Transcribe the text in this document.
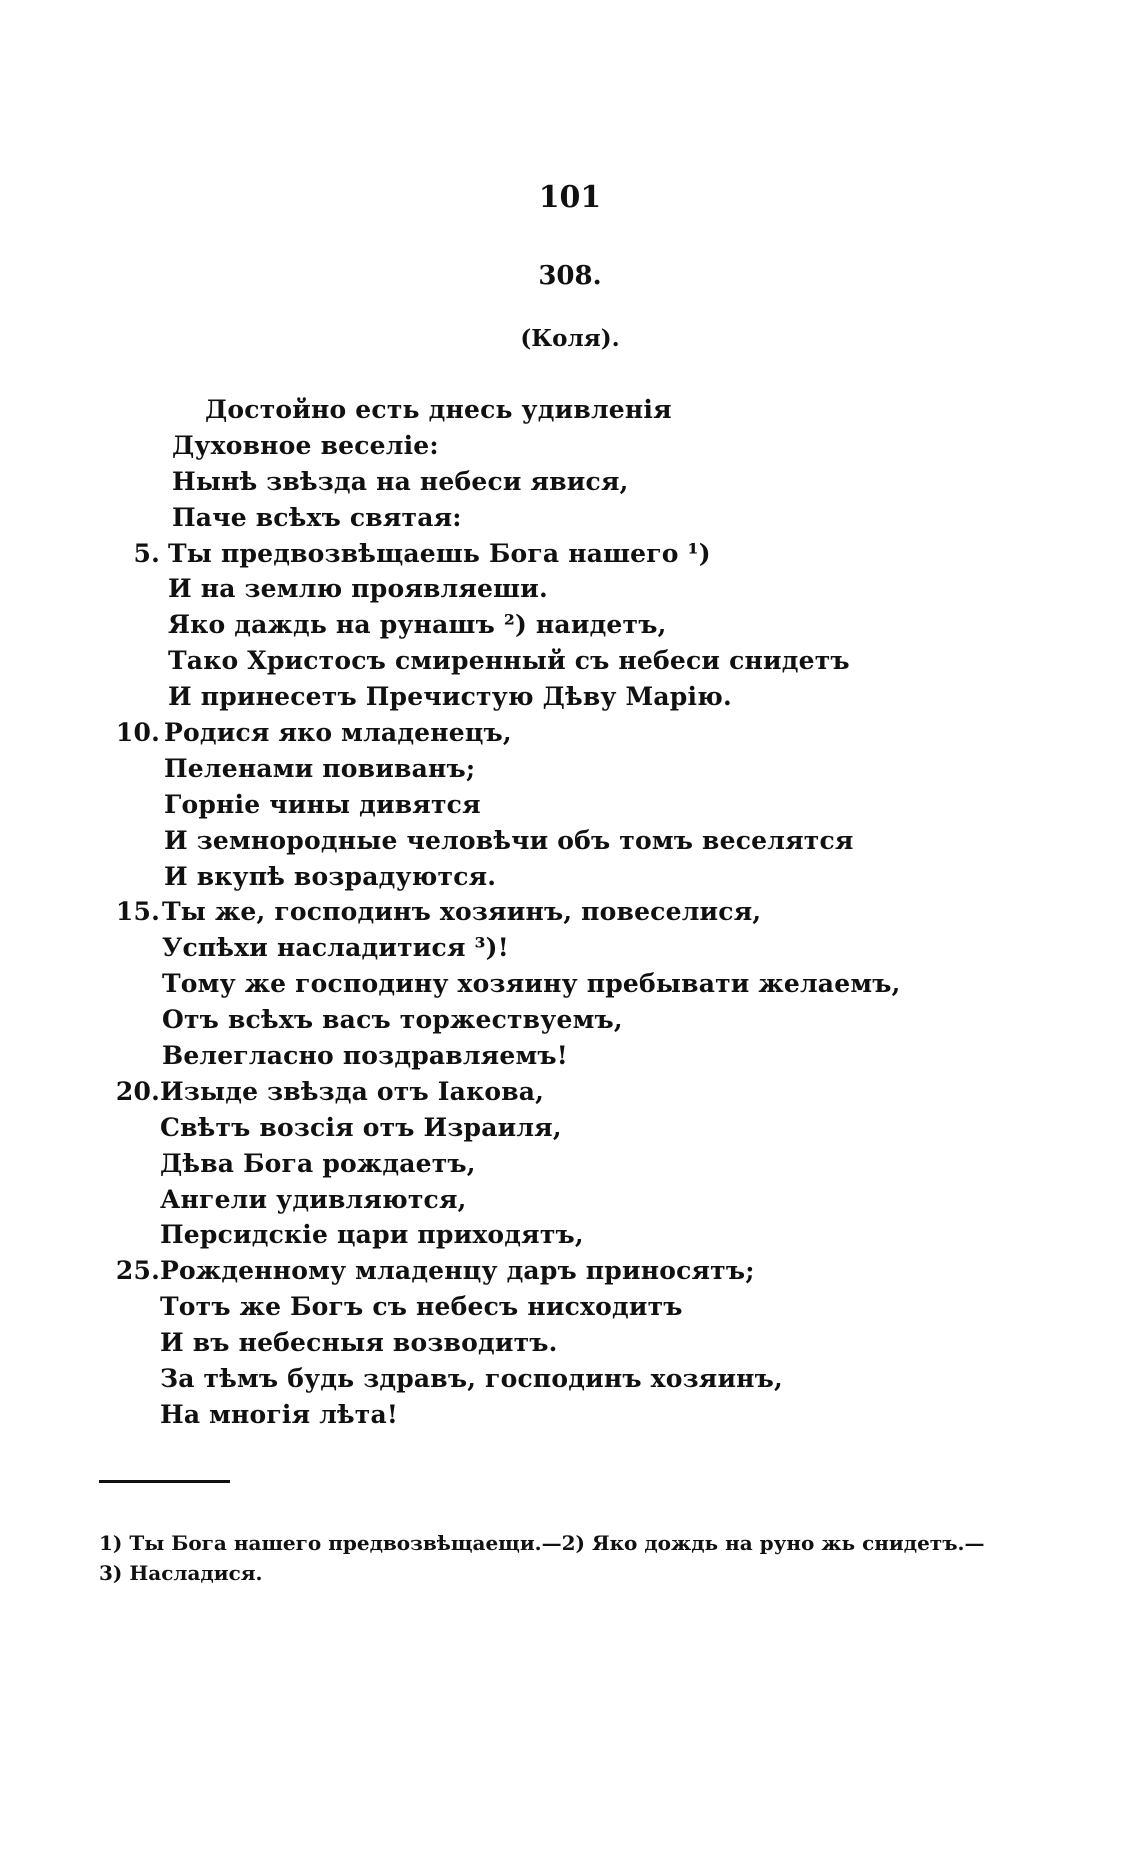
101
308.
(Коля).
Достойно есть днесь удивленія
Духовное веселіе:
Нынѣ звѣзда на небеси явися,
Паче всѣхъ святая:
5. Ты предвозвѣщаешь Бога нашего ¹)
И на землю проявляеши.
Яко даждь на рунашъ ²) наидетъ,
Тако Христосъ смиренный съ небеси снидетъ
И принесетъ Пречистую Дѣву Марію.
10. Родися яко младенецъ,
Пеленами повиванъ;
Горніе чины дивятся
И земнородные человѣчи объ томъ веселятся
И вкупѣ возрадуются.
15. Ты же, господинъ хозяинъ, повеселися,
Успѣхи насладитися ³)!
Тому же господину хозяину пребывати желаемъ,
Отъ всѣхъ васъ торжествуемъ,
Велегласно поздравляемъ!
20. Изыде звѣзда отъ Іакова,
Свѣтъ возсія отъ Израиля,
Дѣва Бога рождаетъ,
Ангели удивляются,
Персидскіе цари приходятъ,
25. Рожденному младенцу даръ приносятъ;
Тотъ же Богъ съ небесъ нисходитъ
И въ небесныя возводитъ.
За тѣмъ будь здравъ, господинъ хозяинъ,
На многія лѣта!
1) Ты Бога нашего предвозвѣщаещи.—2) Яко дождь на руно жь снидетъ.—
3) Насладися.
